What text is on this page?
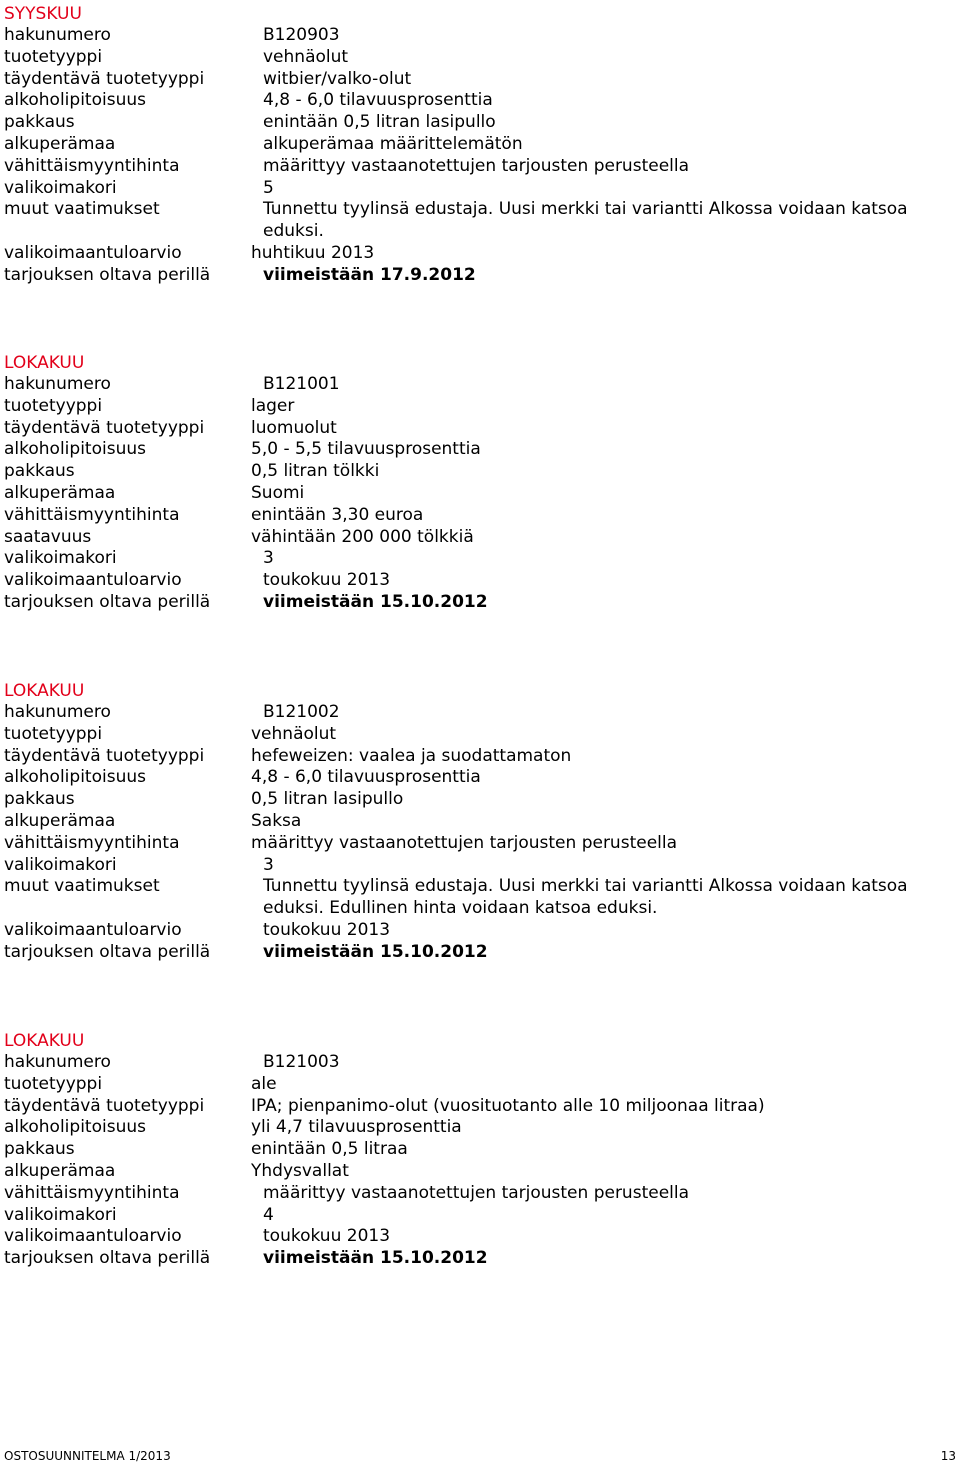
SYYSKUU
hakunumero	B120903
tuotetyyppi	vehnäolut
täydentävä tuotetyyppi	witbier/valko-olut
alkoholipitoisuus	4,8 - 6,0 tilavuusprosenttia
pakkaus	enintään 0,5 litran lasipullo
alkuperämaa	alkuperämaa määrittelemätön
vähittäismyyntihinta	määrittyy vastaanotettujen tarjousten perusteella
valikoimakori	5
muut vaatimukset	Tunnettu tyylinsä edustaja. Uusi merkki tai variantti Alkossa voidaan katsoa eduksi.
valikoimaantuloarvio	huhtikuu 2013
tarjouksen oltava perillä	viimeistään 17.9.2012
LOKAKUU
hakunumero	B121001
tuotetyyppi	lager
täydentävä tuotetyyppi	luomuolut
alkoholipitoisuus	5,0 - 5,5 tilavuusprosenttia
pakkaus	0,5 litran tölkki
alkuperämaa	Suomi
vähittäismyyntihinta	enintään 3,30 euroa
saatavuus	vähintään 200 000 tölkkiä
valikoimakori	3
valikoimaantuloarvio	toukokuu 2013
tarjouksen oltava perillä	viimeistään 15.10.2012
LOKAKUU
hakunumero	B121002
tuotetyyppi	vehnäolut
täydentävä tuotetyyppi	hefeweizen: vaalea ja suodattamaton
alkoholipitoisuus	4,8 - 6,0 tilavuusprosenttia
pakkaus	0,5 litran lasipullo
alkuperämaa	Saksa
vähittäismyyntihinta	määrittyy vastaanotettujen tarjousten perusteella
valikoimakori	3
muut vaatimukset	Tunnettu tyylinsä edustaja. Uusi merkki tai variantti Alkossa voidaan katsoa eduksi. Edullinen hinta voidaan katsoa eduksi.
valikoimaantuloarvio	toukokuu 2013
tarjouksen oltava perillä	viimeistään 15.10.2012
LOKAKUU
hakunumero	B121003
tuotetyyppi	ale
täydentävä tuotetyyppi	IPA; pienpanimo-olut (vuosituotanto alle 10 miljoonaa litraa)
alkoholipitoisuus	yli 4,7 tilavuusprosenttia
pakkaus	enintään 0,5 litraa
alkuperämaa	Yhdysvallat
vähittäismyyntihinta	määrittyy vastaanotettujen tarjousten perusteella
valikoimakori	4
valikoimaantuloarvio	toukokuu 2013
tarjouksen oltava perillä	viimeistään 15.10.2012
OSTOSUUNNITELMA 1/2013	13
